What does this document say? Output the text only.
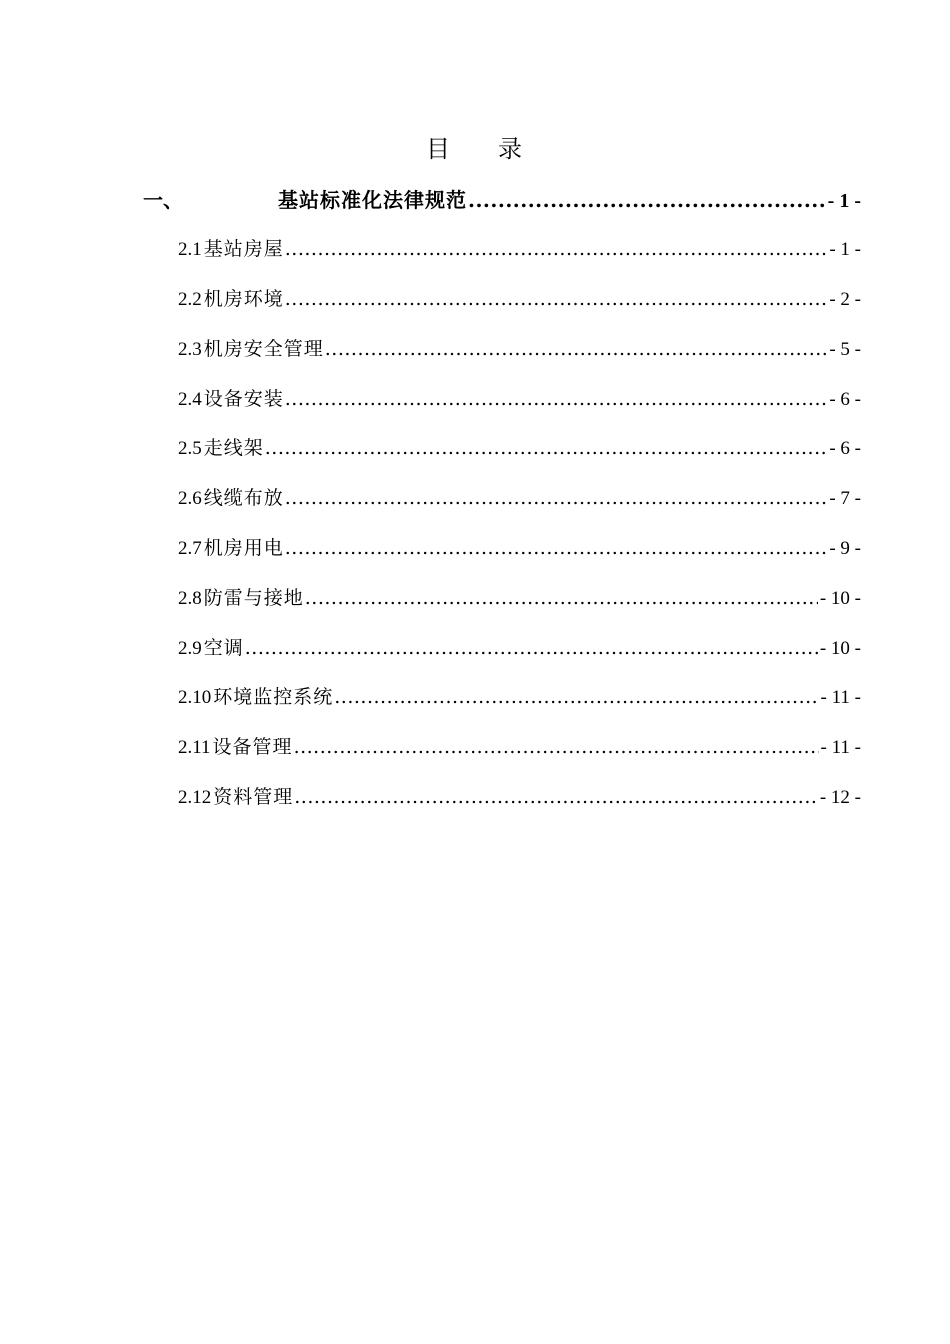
目 录
一、	基站标准化法律规范 .....	- 1 -
2.1 基站房屋 .....	- 1 -
2.2 机房环境 .....	- 2 -
2.3 机房安全管理 .....	- 5 -
2.4 设备安装 .....	- 6 -
2.5 走线架 .....	- 6 -
2.6 线缆布放 .....	- 7 -
2.7 机房用电 .....	- 9 -
2.8 防雷与接地 .....	- 10 -
2.9 空调 .....	- 10 -
2.10 环境监控系统 .....	- 11 -
2.11 设备管理 .....	- 11 -
2.12 资料管理 .....	- 12 -
